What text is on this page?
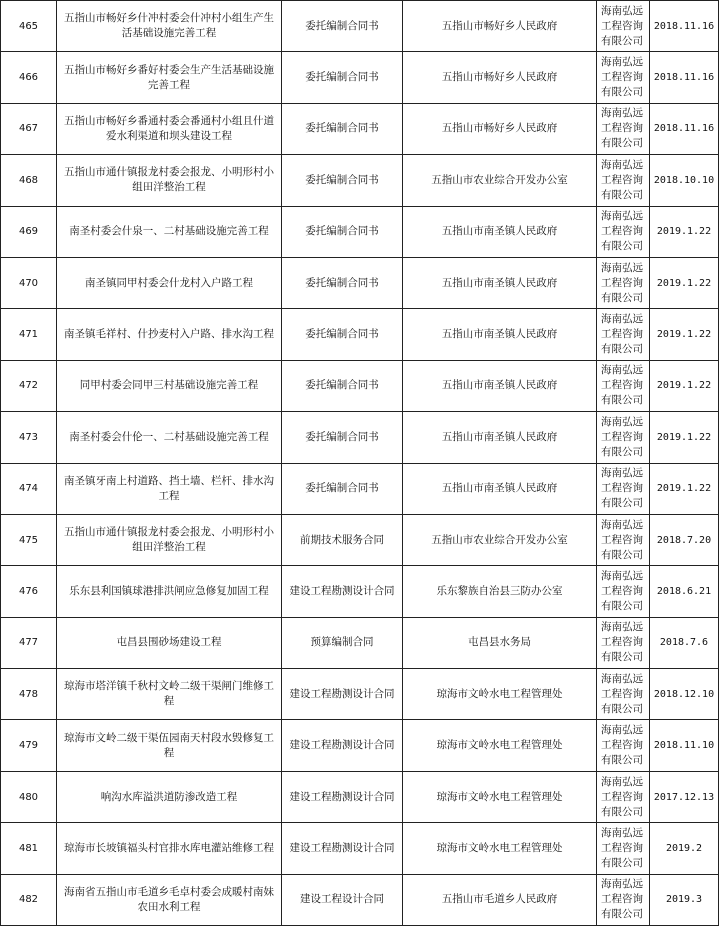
465	五指山市畅好乡什冲村委会什冲村小组生产生活基础设施完善工程	委托编制合同书	五指山市畅好乡人民政府	海南弘远工程咨询有限公司	2018.11.16
466	五指山市畅好乡番好村委会生产生活基础设施完善工程	委托编制合同书	五指山市畅好乡人民政府	海南弘远工程咨询有限公司	2018.11.16
467	五指山市畅好乡番通村委会番通村小组且什道爱水利渠道和坝头建设工程	委托编制合同书	五指山市畅好乡人民政府	海南弘远工程咨询有限公司	2018.11.16
468	五指山市通什镇报龙村委会报龙、小明形村小组田洋整治工程	委托编制合同书	五指山市农业综合开发办公室	海南弘远工程咨询有限公司	2018.10.10
469	南圣村委会什泉一、二村基础设施完善工程	委托编制合同书	五指山市南圣镇人民政府	海南弘远工程咨询有限公司	2019.1.22
470	南圣镇同甲村委会什龙村入户路工程	委托编制合同书	五指山市南圣镇人民政府	海南弘远工程咨询有限公司	2019.1.22
471	南圣镇毛祥村、什抄麦村入户路、排水沟工程	委托编制合同书	五指山市南圣镇人民政府	海南弘远工程咨询有限公司	2019.1.22
472	同甲村委会同甲三村基础设施完善工程	委托编制合同书	五指山市南圣镇人民政府	海南弘远工程咨询有限公司	2019.1.22
473	南圣村委会什伦一、二村基础设施完善工程	委托编制合同书	五指山市南圣镇人民政府	海南弘远工程咨询有限公司	2019.1.22
474	南圣镇牙南上村道路、挡土墙、栏杆、排水沟工程	委托编制合同书	五指山市南圣镇人民政府	海南弘远工程咨询有限公司	2019.1.22
475	五指山市通什镇报龙村委会报龙、小明形村小组田洋整治工程	前期技术服务合同	五指山市农业综合开发办公室	海南弘远工程咨询有限公司	2018.7.20
476	乐东县利国镇球港排洪闸应急修复加固工程	建设工程勘测设计合同	乐东黎族自治县三防办公室	海南弘远工程咨询有限公司	2018.6.21
477	屯昌县围砂场建设工程	预算编制合同	屯昌县水务局	海南弘远工程咨询有限公司	2018.7.6
478	琼海市塔洋镇千秋村文岭二级干渠闸门维修工程	建设工程勘测设计合同	琼海市文岭水电工程管理处	海南弘远工程咨询有限公司	2018.12.10
479	琼海市文岭二级干渠伍园南天村段水毁修复工程	建设工程勘测设计合同	琼海市文岭水电工程管理处	海南弘远工程咨询有限公司	2018.11.10
480	响沟水库溢洪道防渗改造工程	建设工程勘测设计合同	琼海市文岭水电工程管理处	海南弘远工程咨询有限公司	2017.12.13
481	琼海市长坡镇福头村官排水库电灌站维修工程	建设工程勘测设计合同	琼海市文岭水电工程管理处	海南弘远工程咨询有限公司	2019.2
482	海南省五指山市毛道乡毛卓村委会成暖村南妹农田水利工程	建设工程设计合同	五指山市毛道乡人民政府	海南弘远工程咨询有限公司	2019.3
